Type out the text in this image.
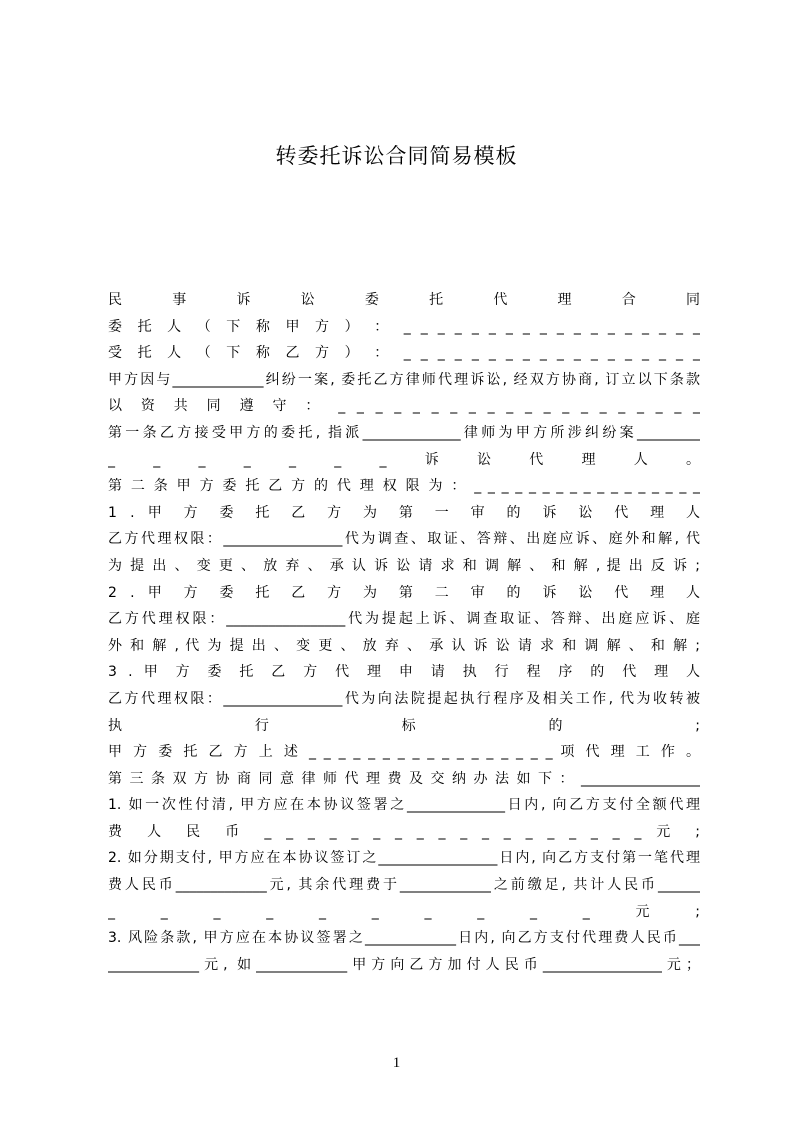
转委托诉讼合同简易模板
民　　事　　诉　　讼　　委　　托　　代　　理　　合　　同
委 托 人 （ 下 称 甲 方 ） ： _ _ _ _ _ _ _ _ _ _ _ _ _ _ _ _ _ _
受 托 人 （ 下 称 乙 方 ） ： _ _ _ _ _ _ _ _ _ _ _ _ _ _ _ _ _ _
甲方因与_____________纠纷一案, 委托乙方律师代理诉讼, 经双方协商, 订立以下条款
以 资 共 同 遵 守 ： _ _ _ _ _ _ _ _ _ _ _ _ _ _ _ _ _ _ _ _
第一条乙方接受甲方的委托, 指派______________律师为甲方所涉纠纷案_________
_　　_　　_　　_　　_　　_　　_　　诉　　讼　　代　　理　　人　　。
第 二 条 甲 方 委 托 乙 方 的 代 理 权 限 为 ： _ _ _ _ _ _ _ _ _ _ _ _ _ _ _ _ _
1 . 甲 方 委 托 乙 方 为 第 一 审 的 诉 讼 代 理 人
乙方代理权限：_________________代为调查、取证、答辩、出庭应诉、庭外和解, 代
为 提 出 、 变 更 、 放 弃 、 承 认 诉 讼 请 求 和 调 解 、 和 解 , 提 出 反 诉 ;
2 . 甲 方 委 托 乙 方 为 第 二 审 的 诉 讼 代 理 人
乙方代理权限：_________________代为提起上诉、调查取证、答辩、出庭应诉、庭
外 和 解 , 代 为 提 出 、 变 更 、 放 弃 、 承 认 诉 讼 请 求 和 调 解 、 和 解 ;
3 . 甲 方 委 托 乙 方 代 理 申 请 执 行 程 序 的 代 理 人
乙方代理权限：_________________代为向法院提起执行程序及相关工作, 代为收转被
执　　　　　　行　　　　　　标　　　　　　的　　　　　　;
甲 方 委 托 乙 方 上 述 _ _ _ _ _ _ _ _ _ _ _ _ _ _ _ _ _ 项 代 理 工 作 。
第三条双方协商同意律师代理费及交纳办法如下：_________________
1. 如一次性付清, 甲方应在本协议签署之______________日内, 向乙方支付全额代理
费 人 民 币 _ _ _ _ _ _ _ _ _ _ _ _ _ _ _ _ _ _ 元 ;
2. 如分期支付, 甲方应在本协议签订之_________________日内, 向乙方支付第一笔代理
费人民币_____________元, 其余代理费于_____________之前缴足, 共计人民币______
_　　_　　_　　_　　_　　_　　_　　_　　_　　_　　元　　;
3. 风险条款, 甲方应在本协议签署之_____________日内, 向乙方支付代理费人民币___
_____________元, 如_____________甲方向乙方加付人民币_________________元；
1
